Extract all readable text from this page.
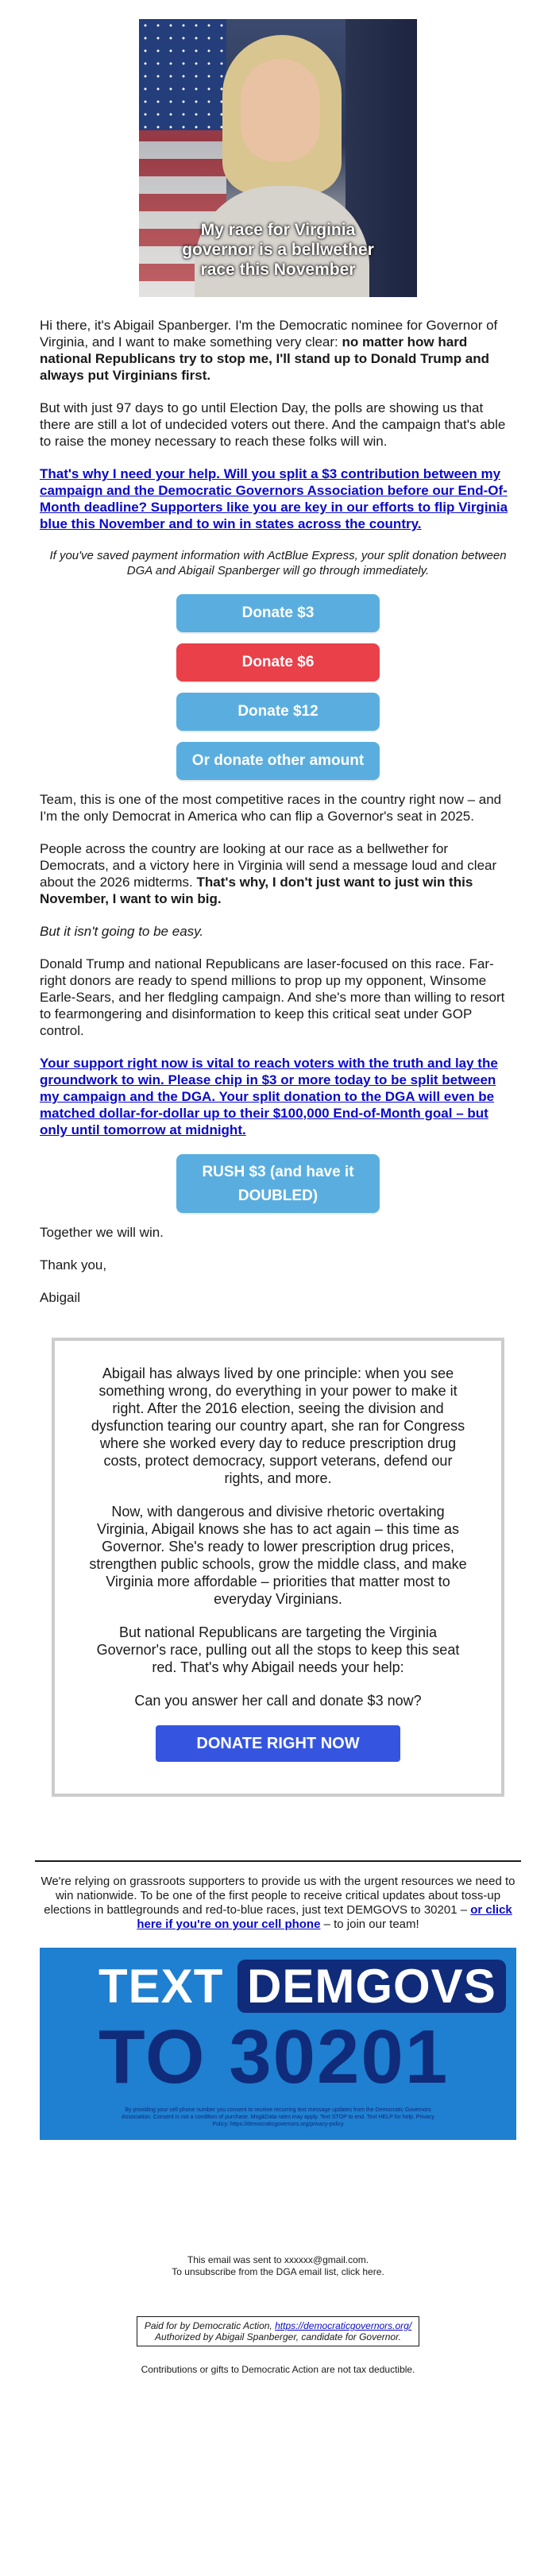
My race for Virginia
governor is a bellwether
race this November

Hi there, it's Abigail Spanberger. I'm the Democratic nominee for Governor of Virginia, and I want to make something very clear: no matter how hard national Republicans try to stop me, I'll stand up to Donald Trump and always put Virginians first.

But with just 97 days to go until Election Day, the polls are showing us that there are still a lot of undecided voters out there. And the campaign that's able to raise the money necessary to reach these folks will win.

That's why I need your help. Will you split a $3 contribution between my campaign and the Democratic Governors Association before our End-Of-Month deadline? Supporters like you are key in our efforts to flip Virginia blue this November and to win in states across the country.

If you've saved payment information with ActBlue Express, your split donation between DGA and Abigail Spanberger will go through immediately.
Donate $3
Donate $6
Donate $12
Or donate other amount

Team, this is one of the most competitive races in the country right now – and I'm the only Democrat in America who can flip a Governor's seat in 2025.

People across the country are looking at our race as a bellwether for Democrats, and a victory here in Virginia will send a message loud and clear about the 2026 midterms. That's why, I don't just want to just win this November, I want to win big.

But it isn't going to be easy.

Donald Trump and national Republicans are laser-focused on this race. Far-right donors are ready to spend millions to prop up my opponent, Winsome Earle-Sears, and her fledgling campaign. And she's more than willing to resort to fearmongering and disinformation to keep this critical seat under GOP control.

Your support right now is vital to reach voters with the truth and lay the groundwork to win. Please chip in $3 or more today to be split between my campaign and the DGA. Your split donation to the DGA will even be matched dollar-for-dollar up to their $100,000 End-of-Month goal – but only until tomorrow at midnight.

RUSH $3 (and have it
DOUBLED)

Together we will win.

Thank you,

Abigail

Abigail has always lived by one principle: when you see something wrong, do everything in your power to make it right. After the 2016 election, seeing the division and dysfunction tearing our country apart, she ran for Congress where she worked every day to reduce prescription drug costs, protect democracy, support veterans, defend our rights, and more.

Now, with dangerous and divisive rhetoric overtaking Virginia, Abigail knows she has to act again – this time as Governor. She's ready to lower prescription drug prices, strengthen public schools, grow the middle class, and make Virginia more affordable – priorities that matter most to everyday Virginians.

But national Republicans are targeting the Virginia Governor's race, pulling out all the stops to keep this seat red. That's why Abigail needs your help:

Can you answer her call and donate $3 now?

DONATE RIGHT NOW
We're relying on grassroots supporters to provide us with the urgent resources we need to win nationwide. To be one of the first people to receive critical updates about toss-up elections in battlegrounds and red-to-blue races, just text DEMGOVS to 30201 – or click here if you're on your cell phone – to join our team!
TEXT DEMGOVS
TO 30201
By providing your cell phone number you consent to receive recurring text message updates from the Democratic Governors Association. Consent is not a condition of purchase. Msg&Data rates may apply. Text STOP to end. Text HELP for help. Privacy Policy: https://democraticgovernors.org/privacy-policy
This email was sent to xxxxxx@gmail.com.
To unsubscribe from the DGA email list, click here.
Paid for by Democratic Action, https://democraticgovernors.org/
Authorized by Abigail Spanberger, candidate for Governor.
Contributions or gifts to Democratic Action are not tax deductible.
